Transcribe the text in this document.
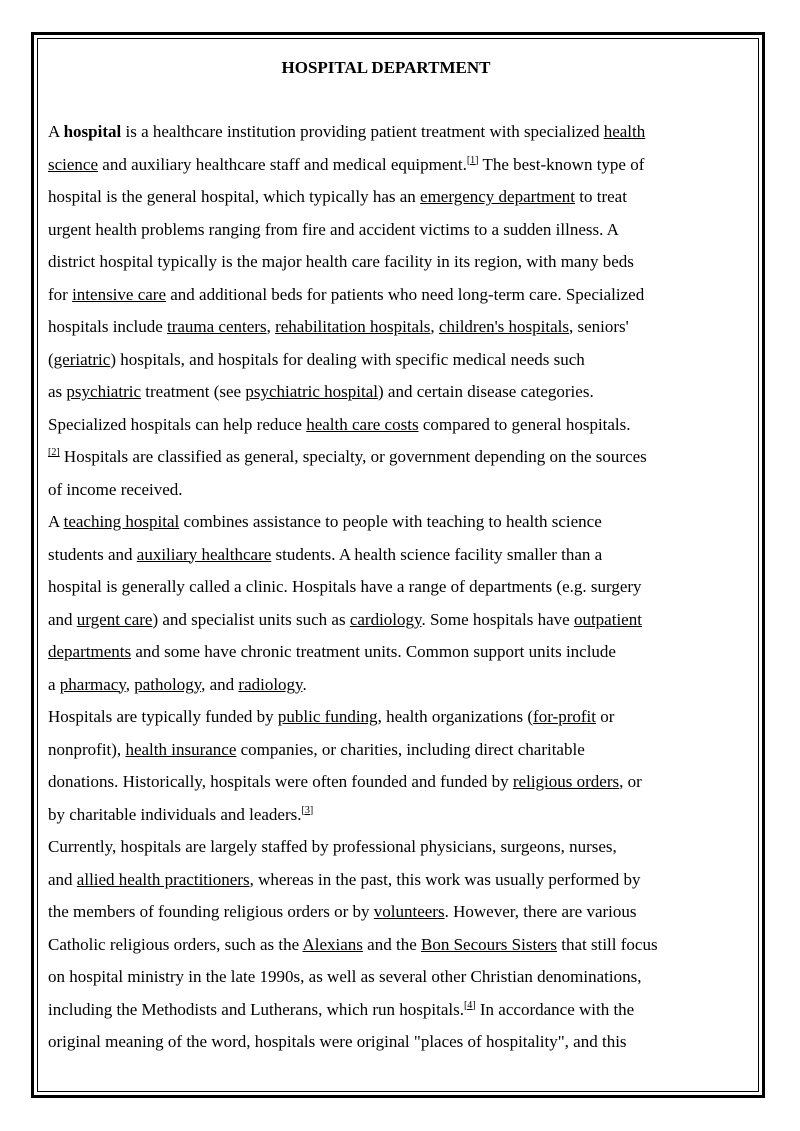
HOSPITAL DEPARTMENT

A hospital is a healthcare institution providing patient treatment with specialized health
science and auxiliary healthcare staff and medical equipment.[1] The best-known type of
hospital is the general hospital, which typically has an emergency department to treat
urgent health problems ranging from fire and accident victims to a sudden illness. A
district hospital typically is the major health care facility in its region, with many beds
for intensive care and additional beds for patients who need long-term care. Specialized
hospitals include trauma centers, rehabilitation hospitals, children's hospitals, seniors'
(geriatric) hospitals, and hospitals for dealing with specific medical needs such
as psychiatric treatment (see psychiatric hospital) and certain disease categories.
Specialized hospitals can help reduce health care costs compared to general hospitals.
[2] Hospitals are classified as general, specialty, or government depending on the sources
of income received.

A teaching hospital combines assistance to people with teaching to health science
students and auxiliary healthcare students. A health science facility smaller than a
hospital is generally called a clinic. Hospitals have a range of departments (e.g. surgery
and urgent care) and specialist units such as cardiology. Some hospitals have outpatient
departments and some have chronic treatment units. Common support units include
a pharmacy, pathology, and radiology.

Hospitals are typically funded by public funding, health organizations (for-profit or
nonprofit), health insurance companies, or charities, including direct charitable
donations. Historically, hospitals were often founded and funded by religious orders, or
by charitable individuals and leaders.[3]

Currently, hospitals are largely staffed by professional physicians, surgeons, nurses,
and allied health practitioners, whereas in the past, this work was usually performed by
the members of founding religious orders or by volunteers. However, there are various
Catholic religious orders, such as the Alexians and the Bon Secours Sisters that still focus
on hospital ministry in the late 1990s, as well as several other Christian denominations,
including the Methodists and Lutherans, which run hospitals.[4] In accordance with the
original meaning of the word, hospitals were original "places of hospitality", and this
